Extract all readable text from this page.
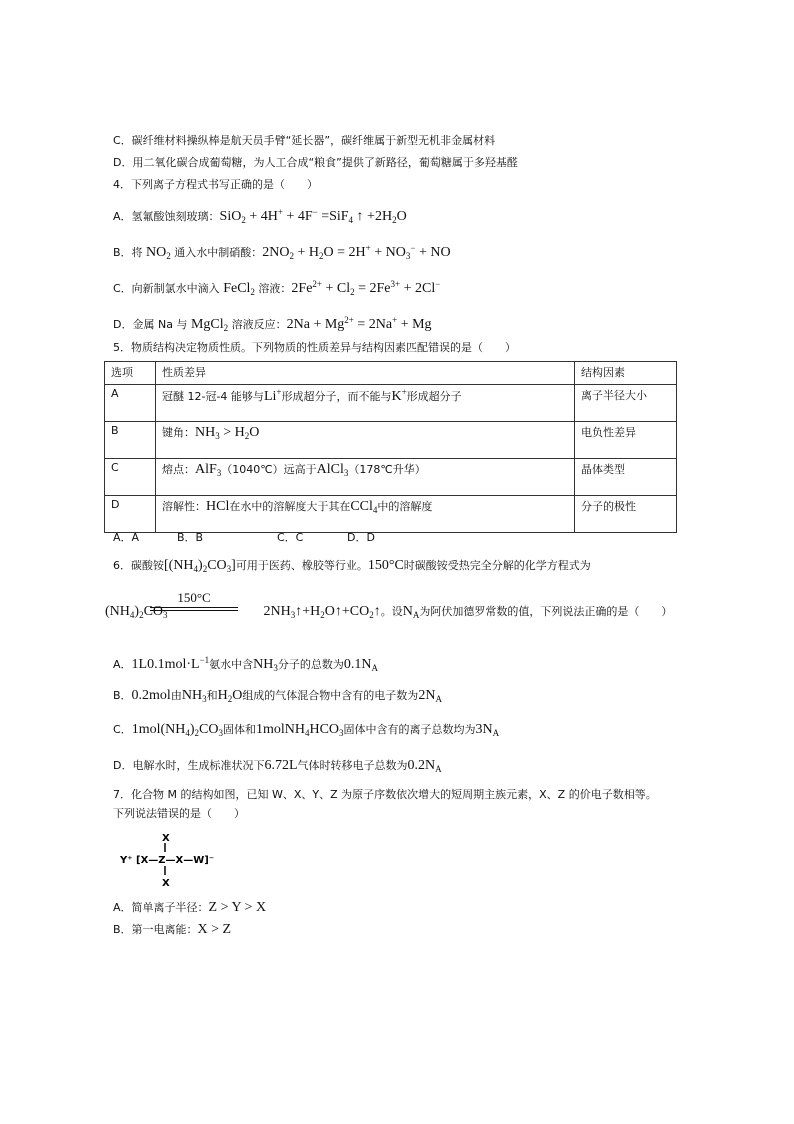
C．碳纤维材料操纵棒是航天员手臂“延长器”，碳纤维属于新型无机非金属材料
D．用二氧化碳合成葡萄糖，为人工合成“粮食”提供了新路径，葡萄糖属于多羟基醛
4．下列离子方程式书写正确的是（　　）
A．氢氟酸蚀刻玻璃：SiO$_2$ + 4H+ + 4F− =SiF$_4$ ↑ $+2H_2O$
B．将 $NO_2$ 通入水中制硝酸：$2NO_2 + H_2O = 2H^+ + NO_3^-$ + NO
C．向新制氯水中滴入 FeCl$_2$ 溶液：$2Fe^{2+} + Cl_2 = 2Fe^{3+} + 2Cl^-$
D．金属 Na 与 MgCl$_2$ 溶液反应：$2Na + Mg^{2+} = 2Na^+ + Mg$
5．物质结构决定物质性质。下列物质的性质差异与结构因素匹配错误的是（　　）
选项	性质差异	结构因素
A	冠醚 12-冠-4 能够与Li+形成超分子，而不能与K+形成超分子	离子半径大小
B	键角：$NH_3 > H_2O$	电负性差异
C	熔点：AlF$_3$（1040℃）远高于AlCl$_3$（178℃升华）	晶体类型
D	溶解性：HCl在水中的溶解度大于其在CCl$_4$中的溶解度	分子的极性
A．A	B．B	C．C	D．D
6．碳酸铵$[(NH_4)_2CO_3]$可用于医药、橡胶等行业。150°C时碳酸铵受热完全分解的化学方程式为
150°C
$(NH_4)_2CO_3$	$2NH_3↑+H_2O↑+CO_2↑$。设$N_A$为阿伏加德罗常数的值，下列说法正确的是（　　）
A．$1L0.1mol\cdot L^{-1}$氨水中含$NH_3$分子的总数为$0.1N_A$
B．0.2mol由$NH_3$和$H_2O$组成的气体混合物中含有的电子数为$2N_A$
C．$1mol(NH_4)_2CO_3$固体和$1molNH_4HCO_3$固体中含有的离子总数均为$3N_A$
D．电解水时，生成标准状况下6.72L气体时转移电子总数为$0.2N_A$
7．化合物 M 的结构如图，已知 W、X、Y、Z 为原子序数依次增大的短周期主族元素，X、Z 的价电子数相等。
下列说法错误的是（　　）
X
Y⁺ [X—Z—X—W]⁻
X
A．简单离子半径：Z > Y > X
B．第一电离能：X > Z
